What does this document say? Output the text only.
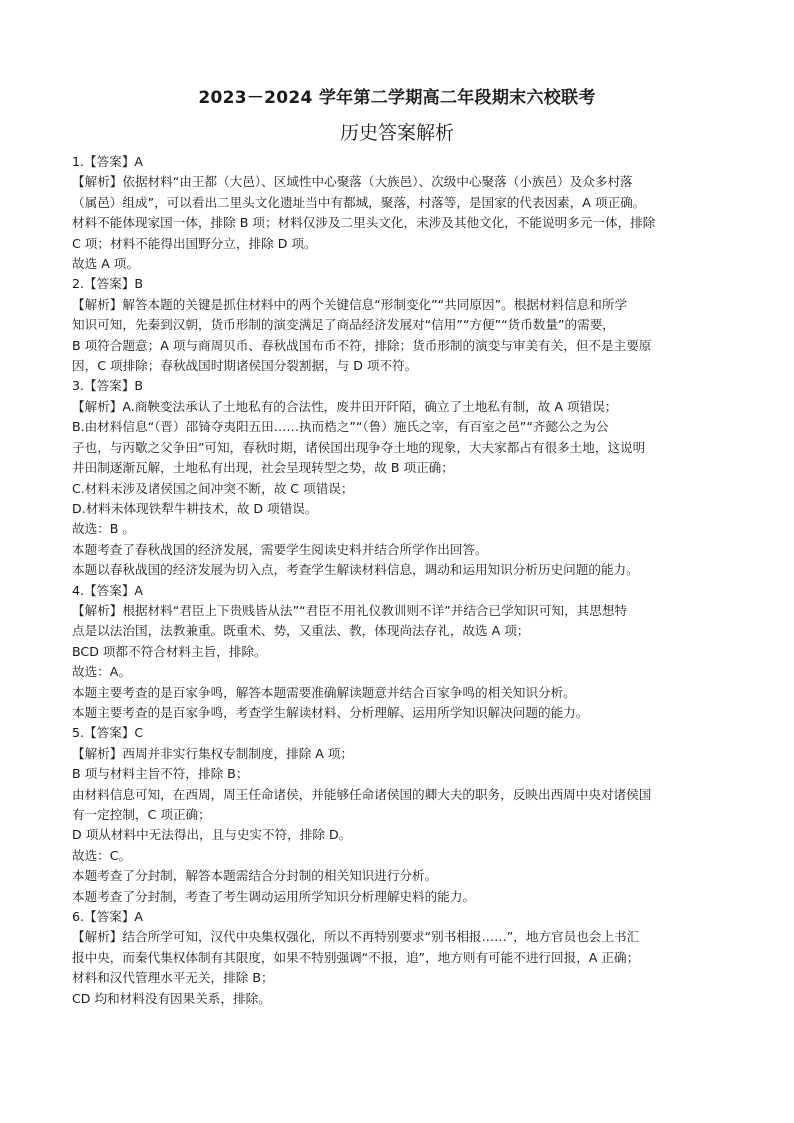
2023－2024 学年第二学期高二年段期末六校联考
历史答案解析
1.【答案】A
【解析】依据材料“由王都（大邑）、区域性中心聚落（大族邑）、次级中心聚落（小族邑）及众多村落
（属邑）组成”，可以看出二里头文化遗址当中有都城，聚落，村落等，是国家的代表因素，A 项正确。
材料不能体现家国一体，排除 B 项；材料仅涉及二里头文化，未涉及其他文化，不能说明多元一体，排除
C 项；材料不能得出国野分立，排除 D 项。
故选 A 项。
2.【答案】B
【解析】解答本题的关键是抓住材料中的两个关键信息“形制变化”“共同原因”。根据材料信息和所学
知识可知，先秦到汉朝，货币形制的演变满足了商品经济发展对“信用”“方便”“货币数量”的需要，
B 项符合题意；A 项与商周贝币、春秋战国布币不符，排除；货币形制的演变与审美有关，但不是主要原
因，C 项排除；春秋战国时期诸侯国分裂割据，与 D 项不符。
3.【答案】B
【解析】A.商鞅变法承认了土地私有的合法性，废井田开阡陌，确立了土地私有制，故 A 项错误；
B.由材料信息“（晋）邵锜夺夷阳五田……执而梏之”“（鲁）施氏之宰，有百室之邑”“齐懿公之为公
子也，与丙歜之父争田”可知，春秋时期，诸侯国出现争夺土地的现象，大夫家都占有很多土地，这说明
井田制逐渐瓦解，土地私有出现，社会呈现转型之势，故 B 项正确；
C.材料未涉及诸侯国之间冲突不断，故 C 项错误；
D.材料未体现铁犁牛耕技术，故 D 项错误。
故选：B 。
本题考查了春秋战国的经济发展，需要学生阅读史料并结合所学作出回答。
本题以春秋战国的经济发展为切入点，考查学生解读材料信息，调动和运用知识分析历史问题的能力。
4.【答案】A
【解析】根据材料“君臣上下贵贱皆从法”“君臣不用礼仪教训则不详”并结合已学知识可知，其思想特
点是以法治国，法教兼重。既重术、势，又重法、教，体现尚法存礼，故选 A 项；
BCD 项都不符合材料主旨，排除。
故选：A。
本题主要考查的是百家争鸣，解答本题需要准确解读题意并结合百家争鸣的相关知识分析。
本题主要考查的是百家争鸣，考查学生解读材料、分析理解、运用所学知识解决问题的能力。
5.【答案】C
【解析】西周并非实行集权专制制度，排除 A 项；
B 项与材料主旨不符，排除 B；
由材料信息可知，在西周，周王任命诸侯，并能够任命诸侯国的卿大夫的职务，反映出西周中央对诸侯国
有一定控制，C 项正确；
D 项从材料中无法得出，且与史实不符，排除 D。
故选：C。
本题考查了分封制，解答本题需结合分封制的相关知识进行分析。
本题考查了分封制，考查了考生调动运用所学知识分析理解史料的能力。
6.【答案】A
【解析】结合所学可知，汉代中央集权强化，所以不再特别要求“别书相报……”，地方官员也会上书汇
报中央，而秦代集权体制有其限度，如果不特别强调“不报，追”，地方则有可能不进行回报，A 正确；
材料和汉代管理水平无关，排除 B；
CD 均和材料没有因果关系，排除。
